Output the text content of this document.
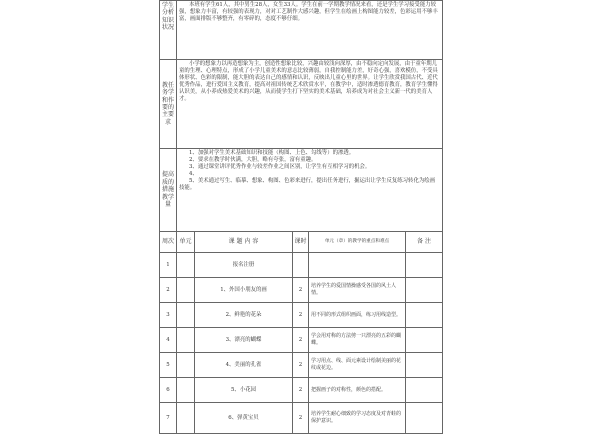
学生分析知识状况	本班有学生61人，其中男生28人，女生33人。学生在前一学期教学情况来看，还是学生学习接受能力较强，想象力丰富，有较强的表现力，对对工艺制作大感兴趣，但学生在绘画上构图能力较差，色彩运用不够丰富，画面排版不够整齐，有零碎的，态度不够仔细。				

教任务学和作要的主要求	小学的想象力以再造想象为主，创造性想象比较，兴趣由较浅向深厚，由不稳向定向发展，由于童年期儿童的生理、心理特点，形成了小学儿童美术的意志比较薄弱，自我控制能力差，好奇心强，喜欢模仿，不受具体形状、色彩的限制，能大胆的表达自己的感情和认识，反映出儿童心里的世界。让学生欣赏我国古代、近代优秀作品，进行爱国主义教育，提高对祖国传统艺术欣赏水平，在教学中，适时渗透德育教育，教育学生懂得认识美，从小养成热爱美术的兴趣，从而使学生打下坚实的美术基础，培养成为对社会主义新一代的美育人才。				

提高质的措施教学量	1、加强对学生美术基础知识和技能（构图、上色、勾线等）的渗透。
2、要求在教学时伙满，大胆，略有夸张，富有童趣。
3、通过课堂讲评优秀作业与较差作业之间区别，让学生有互相学习的机会。
4、
5、美术通过写生、临摹、想象、构图、色彩来进行，提出任务进行，掘运出让学生反复练习转化为绘画技能。				

周次	单元	课 题 内 容	课时	单元（章）的教学的重点和难点	备 注
1		报名注册			
2		1、外国小朋友的画	2	培养学生的爱国情操感受各国的风土人情。	
3		2、鲜艳的花朵	2	用不同的形式组织画面，练习用线造型。	
4		3、漂亮的蝴蝶	2	学会用对称的方法剪一只漂亮的五彩的蝴蝶。	
5		4、美丽的孔雀	2	学习用点、线、面元素设计绘制美丽的花纹或花边。	
6		5、小花园	2	把握画子的对称性，颜色的搭配。	
7		6、弹黄宝贝	2	培养学生耐心细致的学习态度及对青蛙的保护意识。	
